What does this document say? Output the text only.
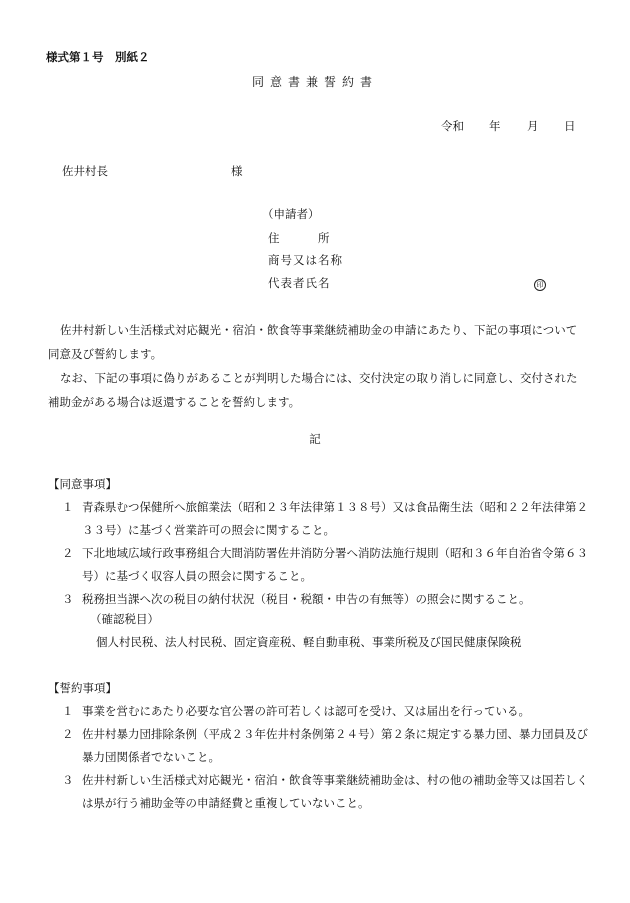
様式第１号　別紙２
同意書兼誓約書
令和 年 月 日
佐井村長	様
（申請者）
住　　　所
商号又は名称
代表者氏名	印

佐井村新しい生活様式対応観光・宿泊・飲食等事業継続補助金の申請にあたり、下記の事項について同意及び誓約します。

なお、下記の事項に偽りがあることが判明した場合には、交付決定の取り消しに同意し、交付された補助金がある場合は返還することを誓約します。

記
【同意事項】
１ 青森県むつ保健所へ旅館業法（昭和２３年法律第１３８号）又は食品衛生法（昭和２２年法律第２３３号）に基づく営業許可の照会に関すること。
２ 下北地域広域行政事務組合大間消防署佐井消防分署へ消防法施行規則（昭和３６年自治省令第６３号）に基づく収容人員の照会に関すること。
３ 税務担当課へ次の税目の納付状況（税目・税額・申告の有無等）の照会に関すること。
（確認税目）
個人村民税、法人村民税、固定資産税、軽自動車税、事業所税及び国民健康保険税
【誓約事項】
１ 事業を営むにあたり必要な官公署の許可若しくは認可を受け、又は届出を行っている。
２ 佐井村暴力団排除条例（平成２３年佐井村条例第２４号）第２条に規定する暴力団、暴力団員及び暴力団関係者でないこと。
３ 佐井村新しい生活様式対応観光・宿泊・飲食等事業継続補助金は、村の他の補助金等又は国若しくは県が行う補助金等の申請経費と重複していないこと。
